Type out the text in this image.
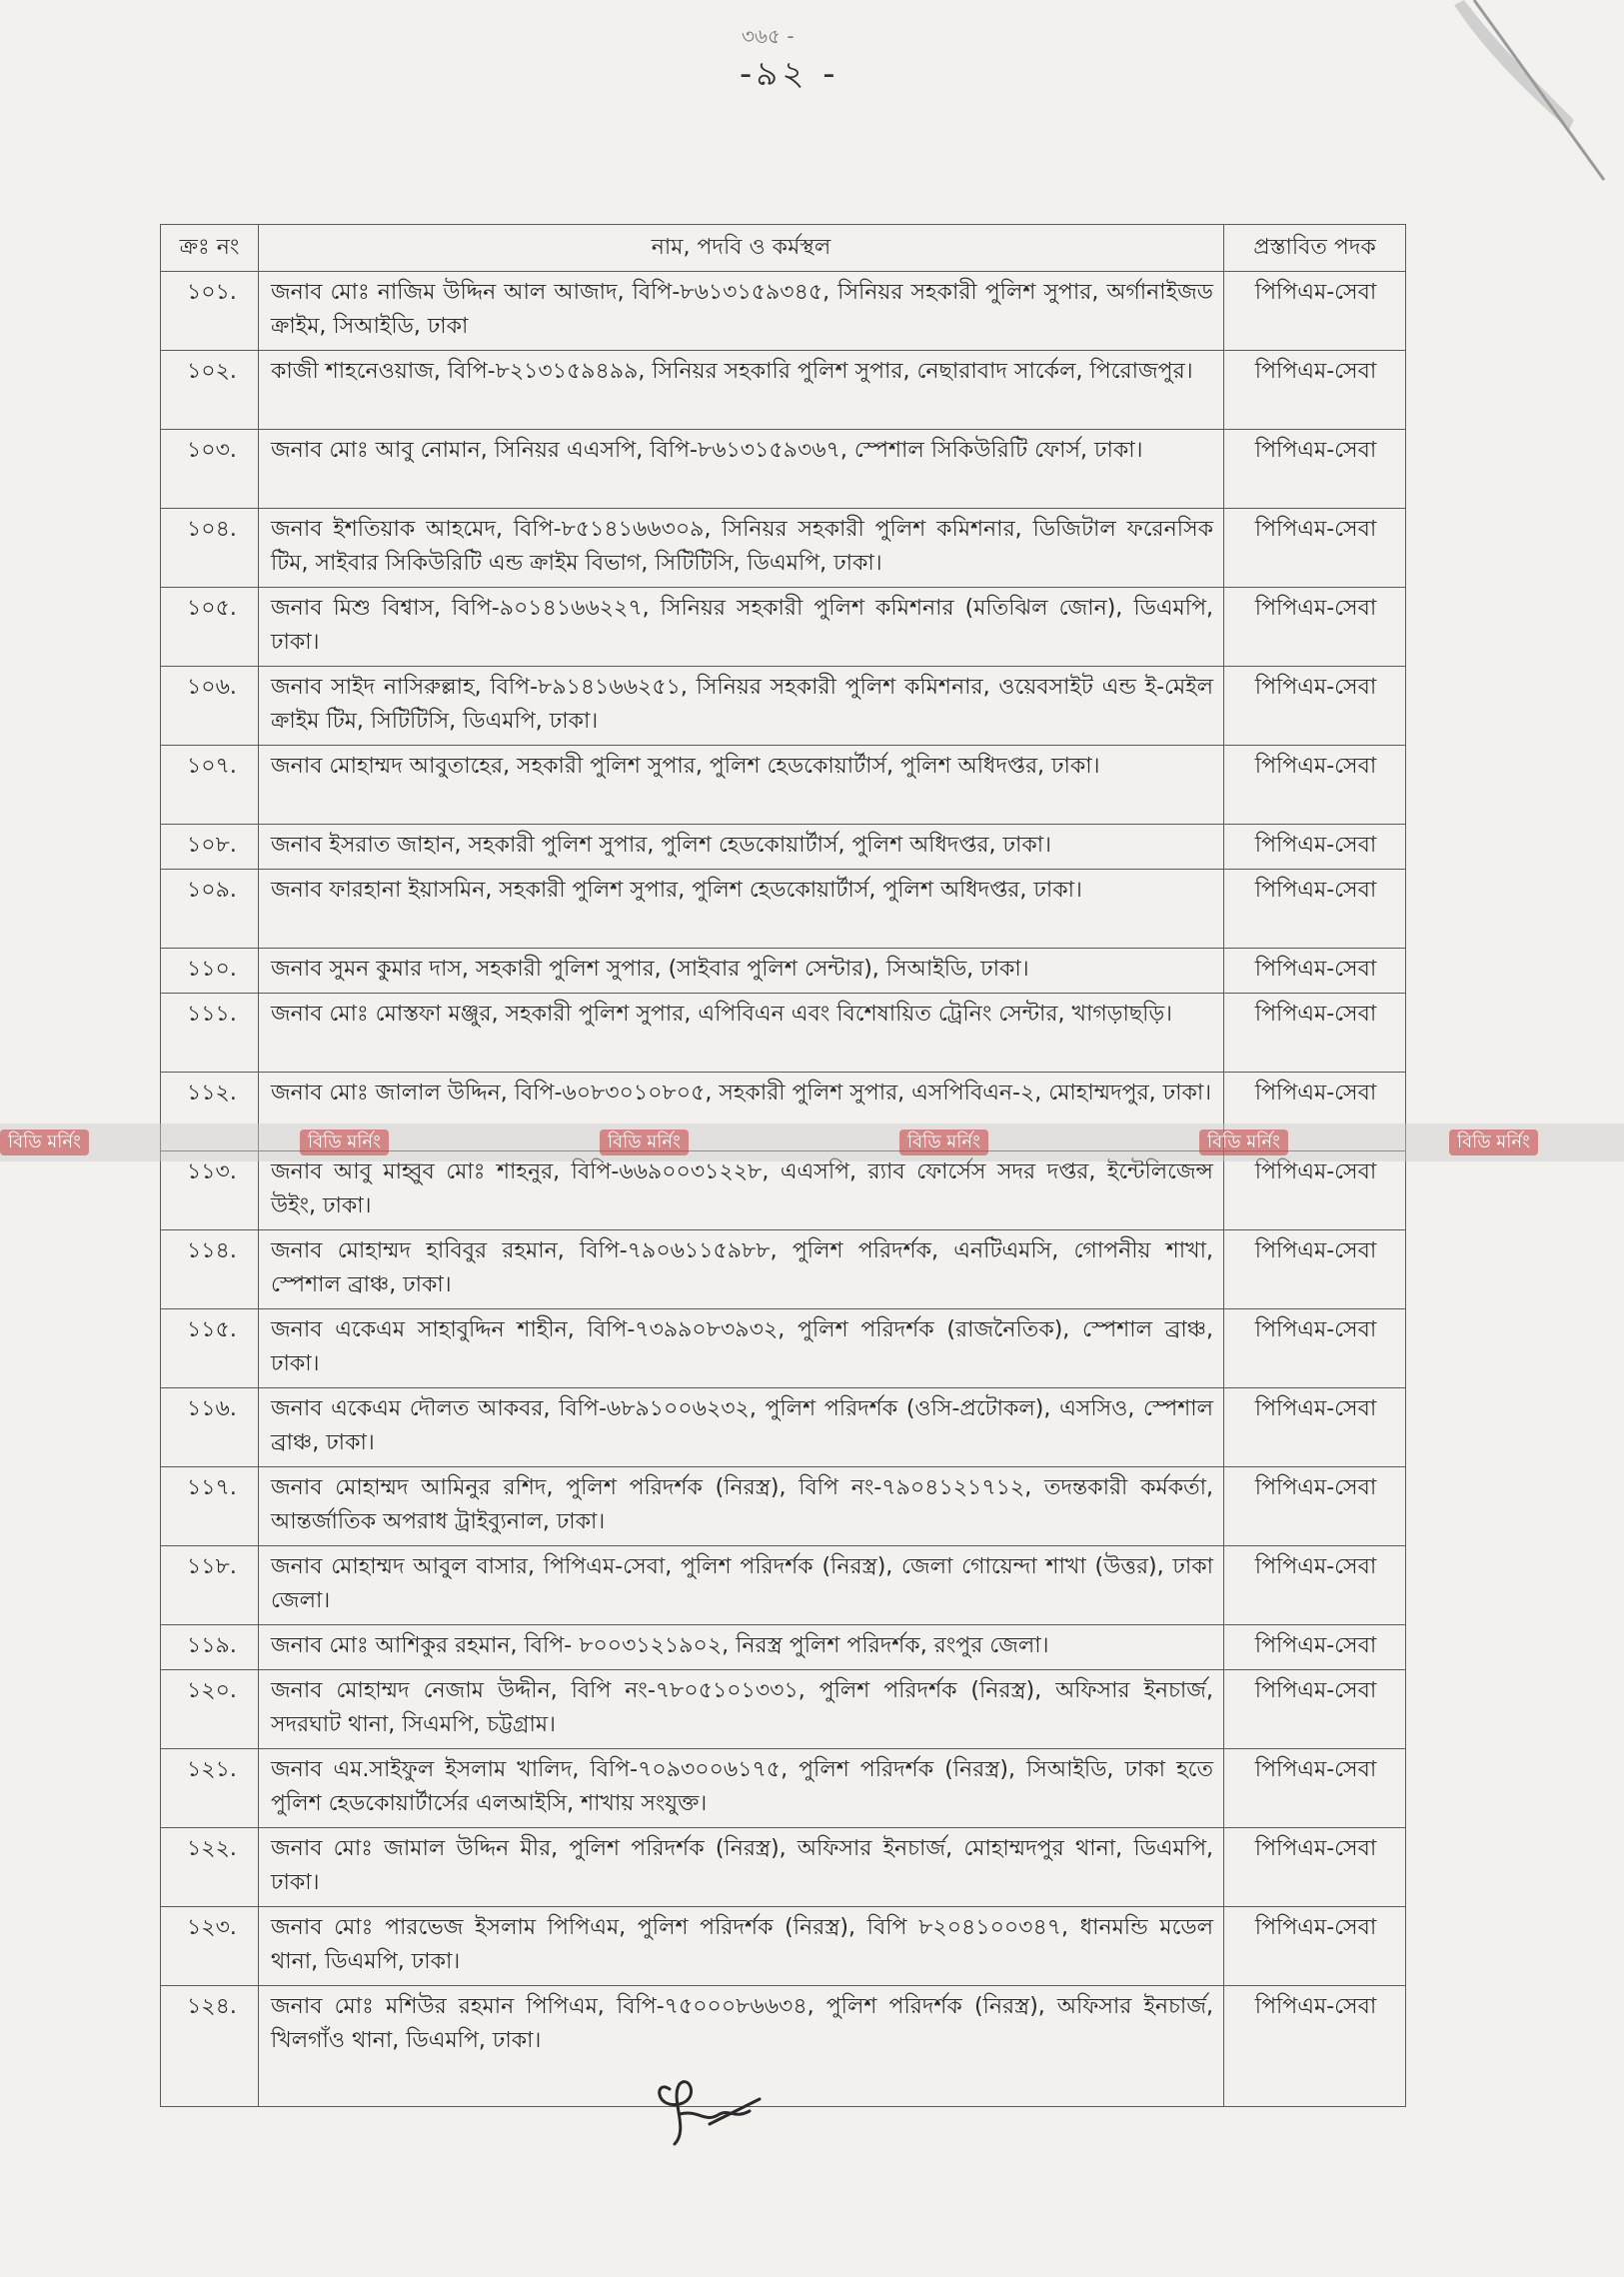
৩৬৫ -
-৯২ -
ক্রঃ নং	নাম, পদবি ও কর্মস্থল	প্রস্তাবিত পদক
১০১.	জনাব মোঃ নাজিম উদ্দিন আল আজাদ, বিপি-৮৬১৩১৫৯৩৪৫, সিনিয়র সহকারী পুলিশ সুপার, অর্গানাইজড ক্রাইম, সিআইডি, ঢাকা	পিপিএম-সেবা
১০২.	কাজী শাহনেওয়াজ, বিপি-৮২১৩১৫৯৪৯৯, সিনিয়র সহকারি পুলিশ সুপার, নেছারাবাদ সার্কেল, পিরোজপুর।	পিপিএম-সেবা
১০৩.	জনাব মোঃ আবু নোমান, সিনিয়র এএসপি, বিপি-৮৬১৩১৫৯৩৬৭, স্পেশাল সিকিউরিটি ফোর্স, ঢাকা।	পিপিএম-সেবা
১০৪.	জনাব ইশতিয়াক আহমেদ, বিপি-৮৫১৪১৬৬৩০৯, সিনিয়র সহকারী পুলিশ কমিশনার, ডিজিটাল ফরেনসিক টিম, সাইবার সিকিউরিটি এন্ড ক্রাইম বিভাগ, সিটিটিসি, ডিএমপি, ঢাকা।	পিপিএম-সেবা
১০৫.	জনাব মিশু বিশ্বাস, বিপি-৯০১৪১৬৬২২৭, সিনিয়র সহকারী পুলিশ কমিশনার (মতিঝিল জোন), ডিএমপি, ঢাকা।	পিপিএম-সেবা
১০৬.	জনাব সাইদ নাসিরুল্লাহ, বিপি-৮৯১৪১৬৬২৫১, সিনিয়র সহকারী পুলিশ কমিশনার, ওয়েবসাইট এন্ড ই-মেইল ক্রাইম টিম, সিটিটিসি, ডিএমপি, ঢাকা।	পিপিএম-সেবা
১০৭.	জনাব মোহাম্মদ আবুতাহের, সহকারী পুলিশ সুপার, পুলিশ হেডকোয়ার্টার্স, পুলিশ অধিদপ্তর, ঢাকা।	পিপিএম-সেবা
১০৮.	জনাব ইসরাত জাহান, সহকারী পুলিশ সুপার, পুলিশ হেডকোয়ার্টার্স, পুলিশ অধিদপ্তর, ঢাকা।	পিপিএম-সেবা
১০৯.	জনাব ফারহানা ইয়াসমিন, সহকারী পুলিশ সুপার, পুলিশ হেডকোয়ার্টার্স, পুলিশ অধিদপ্তর, ঢাকা।	পিপিএম-সেবা
১১০.	জনাব সুমন কুমার দাস, সহকারী পুলিশ সুপার, (সাইবার পুলিশ সেন্টার), সিআইডি, ঢাকা।	পিপিএম-সেবা
১১১.	জনাব মোঃ মোস্তফা মঞ্জুর, সহকারী পুলিশ সুপার, এপিবিএন এবং বিশেষায়িত ট্রেনিং সেন্টার, খাগড়াছড়ি।	পিপিএম-সেবা
১১২.	জনাব মোঃ জালাল উদ্দিন, বিপি-৬০৮৩০১০৮০৫, সহকারী পুলিশ সুপার, এসপিবিএন-২, মোহাম্মদপুর, ঢাকা।	পিপিএম-সেবা
১১৩.	জনাব আবু মাহ্বুব মোঃ শাহনুর, বিপি-৬৬৯০০৩১২২৮, এএসপি, র‌্যাব ফোর্সেস সদর দপ্তর, ইন্টেলিজেন্স উইং, ঢাকা।	পিপিএম-সেবা
১১৪.	জনাব মোহাম্মদ হাবিবুর রহমান, বিপি-৭৯০৬১১৫৯৮৮, পুলিশ পরিদর্শক, এনটিএমসি, গোপনীয় শাখা, স্পেশাল ব্রাঞ্চ, ঢাকা।	পিপিএম-সেবা
১১৫.	জনাব একেএম সাহাবুদ্দিন শাহীন, বিপি-৭৩৯৯০৮৩৯৩২, পুলিশ পরিদর্শক (রাজনৈতিক), স্পেশাল ব্রাঞ্চ, ঢাকা।	পিপিএম-সেবা
১১৬.	জনাব একেএম দৌলত আকবর, বিপি-৬৮৯১০০৬২৩২, পুলিশ পরিদর্শক (ওসি-প্রটোকল), এসসিও, স্পেশাল ব্রাঞ্চ, ঢাকা।	পিপিএম-সেবা
১১৭.	জনাব মোহাম্মদ আমিনুর রশিদ, পুলিশ পরিদর্শক (নিরস্ত্র), বিপি নং-৭৯০৪১২১৭১২, তদন্তকারী কর্মকর্তা, আন্তর্জাতিক অপরাধ ট্রাইব্যুনাল, ঢাকা।	পিপিএম-সেবা
১১৮.	জনাব মোহাম্মদ আবুল বাসার, পিপিএম-সেবা, পুলিশ পরিদর্শক (নিরস্ত্র), জেলা গোয়েন্দা শাখা (উত্তর), ঢাকা জেলা।	পিপিএম-সেবা
১১৯.	জনাব মোঃ আশিকুর রহমান, বিপি- ৮০০৩১২১৯০২, নিরস্ত্র পুলিশ পরিদর্শক, রংপুর জেলা।	পিপিএম-সেবা
১২০.	জনাব মোহাম্মদ নেজাম উদ্দীন, বিপি নং-৭৮০৫১০১৩৩১, পুলিশ পরিদর্শক (নিরস্ত্র), অফিসার ইনচার্জ, সদরঘাট থানা, সিএমপি, চট্টগ্রাম।	পিপিএম-সেবা
১২১.	জনাব এম.সাইফুল ইসলাম খালিদ, বিপি-৭০৯৩০০৬১৭৫, পুলিশ পরিদর্শক (নিরস্ত্র), সিআইডি, ঢাকা হতে পুলিশ হেডকোয়ার্টার্সের এলআইসি, শাখায় সংযুক্ত।	পিপিএম-সেবা
১২২.	জনাব মোঃ জামাল উদ্দিন মীর, পুলিশ পরিদর্শক (নিরস্ত্র), অফিসার ইনচার্জ, মোহাম্মদপুর থানা, ডিএমপি, ঢাকা।	পিপিএম-সেবা
১২৩.	জনাব মোঃ পারভেজ ইসলাম পিপিএম, পুলিশ পরিদর্শক (নিরস্ত্র), বিপি ৮২০৪১০০৩৪৭, ধানমন্ডি মডেল থানা, ডিএমপি, ঢাকা।	পিপিএম-সেবা
১২৪.	জনাব মোঃ মশিউর রহমান পিপিএম, বিপি-৭৫০০০৮৬৬৩৪, পুলিশ পরিদর্শক (নিরস্ত্র), অফিসার ইনচার্জ, খিলগাঁও থানা, ডিএমপি, ঢাকা।	পিপিএম-সেবা
বিডি মর্নিং	বিডি মর্নিং	বিডি মর্নিং	বিডি মর্নিং	বিডি মর্নিং	বিডি মর্নিং
